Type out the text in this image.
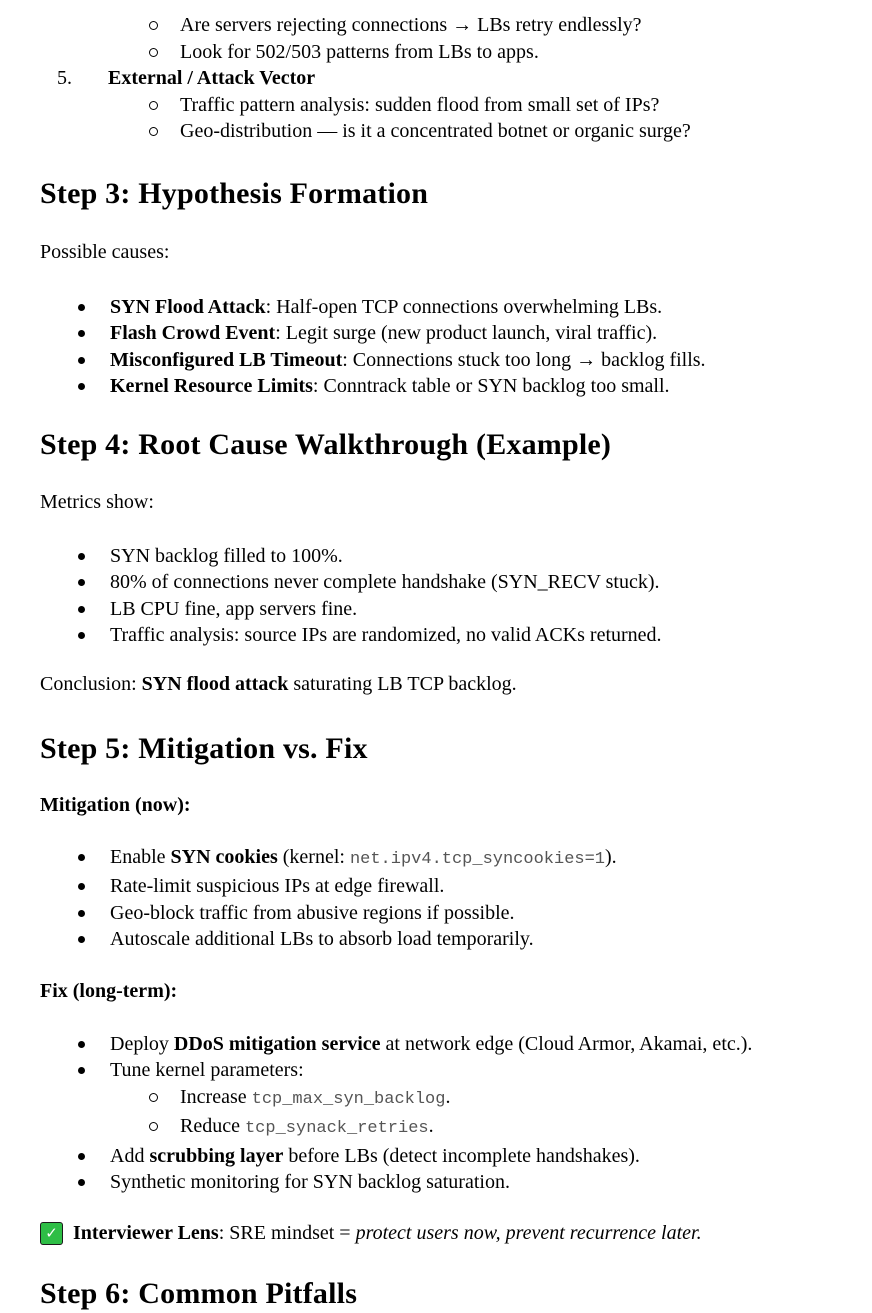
Are servers rejecting connections → LBs retry endlessly?
Look for 502/503 patterns from LBs to apps.
5.	External / Attack Vector
Traffic pattern analysis: sudden flood from small set of IPs?
Geo-distribution — is it a concentrated botnet or organic surge?
Step 3: Hypothesis Formation
Possible causes:
SYN Flood Attack: Half-open TCP connections overwhelming LBs.
Flash Crowd Event: Legit surge (new product launch, viral traffic).
Misconfigured LB Timeout: Connections stuck too long → backlog fills.
Kernel Resource Limits: Conntrack table or SYN backlog too small.
Step 4: Root Cause Walkthrough (Example)
Metrics show:
SYN backlog filled to 100%.
80% of connections never complete handshake (SYN_RECV stuck).
LB CPU fine, app servers fine.
Traffic analysis: source IPs are randomized, no valid ACKs returned.
Conclusion: SYN flood attack saturating LB TCP backlog.
Step 5: Mitigation vs. Fix
Mitigation (now):
Enable SYN cookies (kernel: net.ipv4.tcp_syncookies=1).
Rate-limit suspicious IPs at edge firewall.
Geo-block traffic from abusive regions if possible.
Autoscale additional LBs to absorb load temporarily.
Fix (long-term):
Deploy DDoS mitigation service at network edge (Cloud Armor, Akamai, etc.).
Tune kernel parameters:
Increase tcp_max_syn_backlog.
Reduce tcp_synack_retries.
Add scrubbing layer before LBs (detect incomplete handshakes).
Synthetic monitoring for SYN backlog saturation.
✓ Interviewer Lens: SRE mindset = protect users now, prevent recurrence later.
Step 6: Common Pitfalls
